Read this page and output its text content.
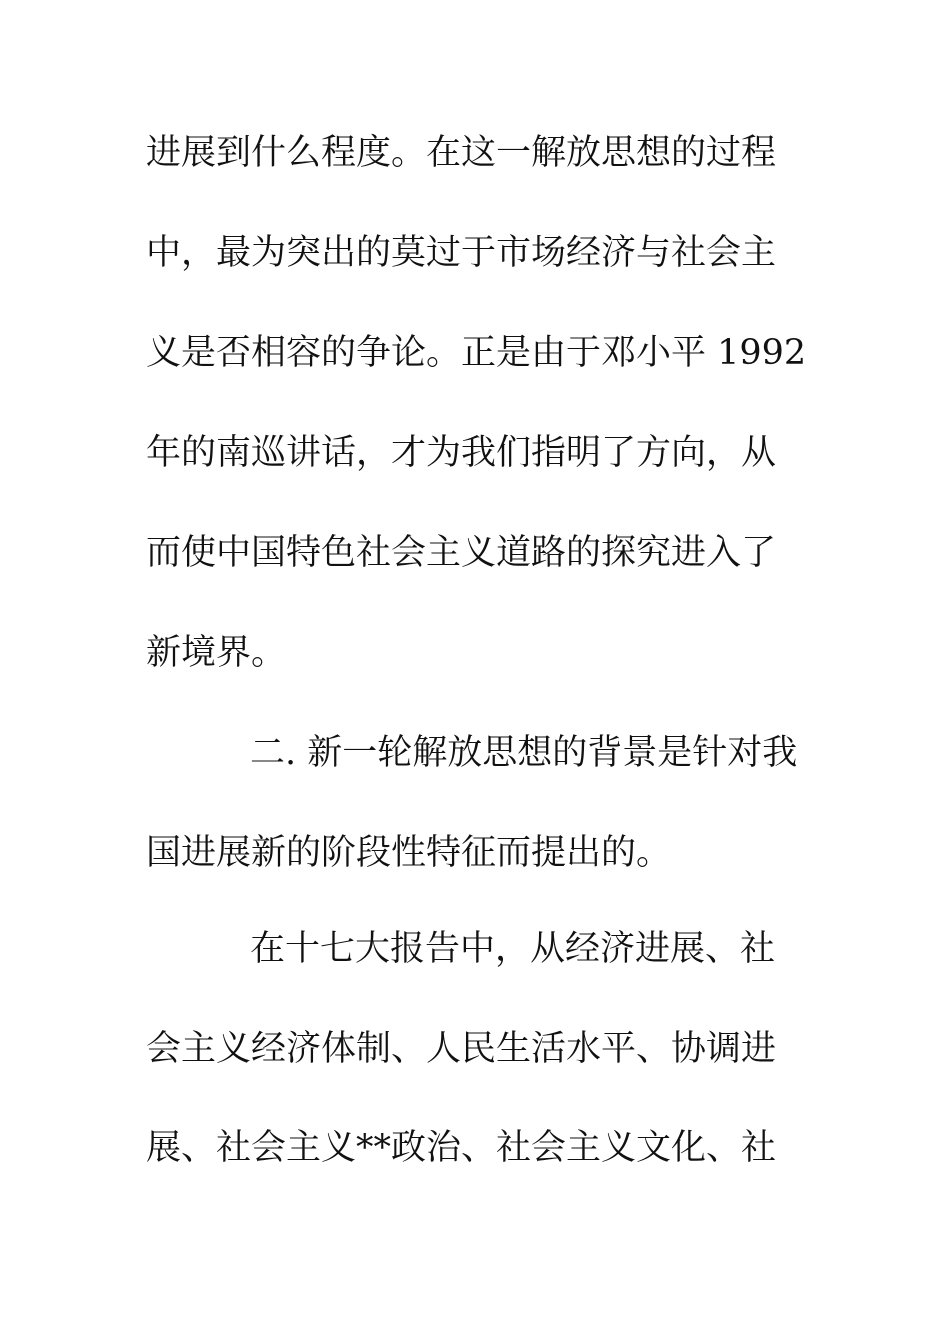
进展到什么程度。在这一解放思想的过程
中，最为突出的莫过于市场经济与社会主
义是否相容的争论。正是由于邓小平 1992
年的南巡讲话，才为我们指明了方向，从
而使中国特色社会主义道路的探究进入了
新境界。
二. 新一轮解放思想的背景是针对我
国进展新的阶段性特征而提出的。
在十七大报告中，从经济进展、社
会主义经济体制、人民生活水平、协调进
展、社会主义**政治、社会主义文化、社
